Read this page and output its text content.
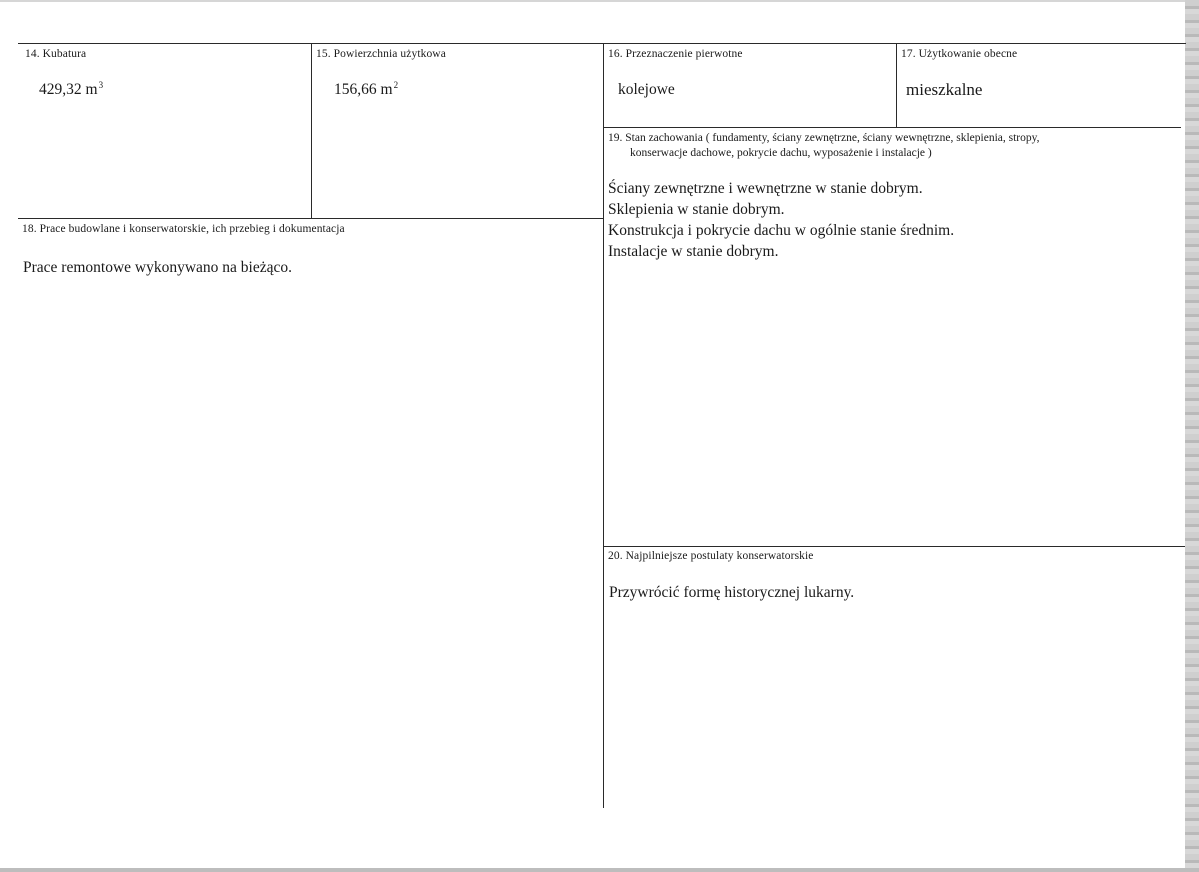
14. Kubatura
429,32 $m^3$
15. Powierzchnia użytkowa
156,66 $m^2$
16. Przeznaczenie pierwotne
kolejowe
17. Użytkowanie obecne
mieszkalne
19. Stan zachowania ( fundamenty, ściany zewnętrzne, ściany wewnętrzne, sklepienia, stropy,
konserwacje dachowe, pokrycie dachu, wyposażenie i instalacje )
Ściany zewnętrzne i wewnętrzne w stanie dobrym.
Sklepienia w stanie dobrym.
Konstrukcja i pokrycie dachu w ogólnie stanie średnim.
Instalacje w stanie dobrym.
18. Prace budowlane i konserwatorskie, ich przebieg i dokumentacja
Prace remontowe wykonywano na bieżąco.
20. Najpilniejsze postulaty konserwatorskie
Przywrócić formę historycznej lukarny.
